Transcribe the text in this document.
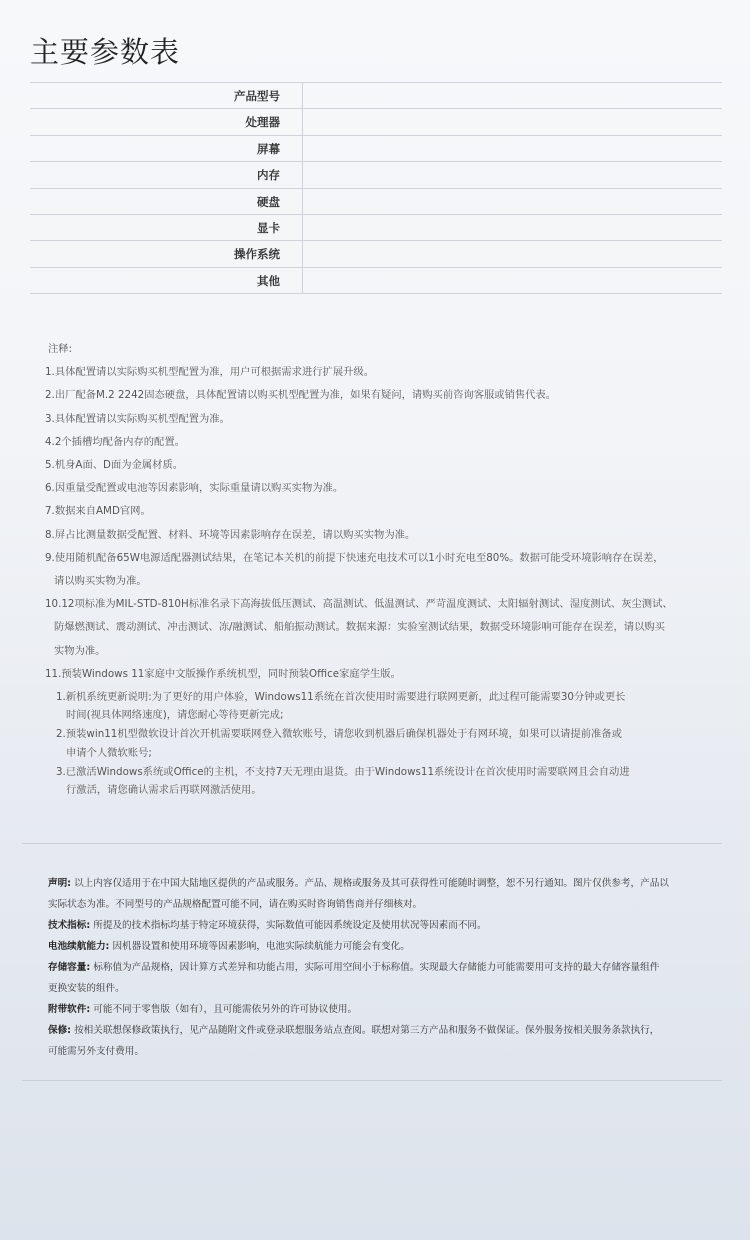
主要参数表
产品型号
处理器
屏幕
内存
硬盘
显卡
操作系统
其他
注释:
1.具体配置请以实际购买机型配置为准，用户可根据需求进行扩展升级。
2.出厂配备M.2 2242固态硬盘，具体配置请以购买机型配置为准，如果有疑问，请购买前咨询客服或销售代表。
3.具体配置请以实际购买机型配置为准。
4.2个插槽均配备内存的配置。
5.机身A面、D面为金属材质。
6.因重量受配置或电池等因素影响，实际重量请以购买实物为准。
7.数据来自AMD官网。
8.屏占比测量数据受配置、材料、环境等因素影响存在误差，请以购买实物为准。
9.使用随机配备65W电源适配器测试结果，在笔记本关机的前提下快速充电技术可以1小时充电至80%。数据可能受环境影响存在误差，
请以购买实物为准。
10.12项标准为MIL-STD-810H标准名录下高海拔低压测试、高温测试、低温测试、严苛温度测试、太阳辐射测试、湿度测试、灰尘测试、
防爆燃测试、震动测试、冲击测试、冻/融测试、船舶振动测试。数据来源：实验室测试结果，数据受环境影响可能存在误差，请以购买
实物为准。
11.预装Windows 11家庭中文版操作系统机型，同时预装Office家庭学生版。
1.新机系统更新说明:为了更好的用户体验，Windows11系统在首次使用时需要进行联网更新，此过程可能需要30分钟或更长
时间(视具体网络速度)，请您耐心等待更新完成;
2.预装win11机型微软设计首次开机需要联网登入微软账号，请您收到机器后确保机器处于有网环境，如果可以请提前准备或
申请个人微软账号;
3.已激活Windows系统或Office的主机，不支持7天无理由退货。由于Windows11系统设计在首次使用时需要联网且会自动进
行激活，请您确认需求后再联网激活使用。
声明: 以上内容仅适用于在中国大陆地区提供的产品或服务。产品、规格或服务及其可获得性可能随时调整，恕不另行通知。图片仅供参考，产品以
实际状态为准。不同型号的产品规格配置可能不同，请在购买时咨询销售商并仔细核对。
技术指标: 所提及的技术指标均基于特定环境获得，实际数值可能因系统设定及使用状况等因素而不同。
电池续航能力: 因机器设置和使用环境等因素影响，电池实际续航能力可能会有变化。
存储容量: 标称值为产品规格，因计算方式差异和功能占用，实际可用空间小于标称值。实现最大存储能力可能需要用可支持的最大存储容量组件
更换安装的组件。
附带软件: 可能不同于零售版（如有），且可能需依另外的许可协议使用。
保修: 按相关联想保修政策执行，见产品随附文件或登录联想服务站点查阅。联想对第三方产品和服务不做保证。保外服务按相关服务条款执行，
可能需另外支付费用。
